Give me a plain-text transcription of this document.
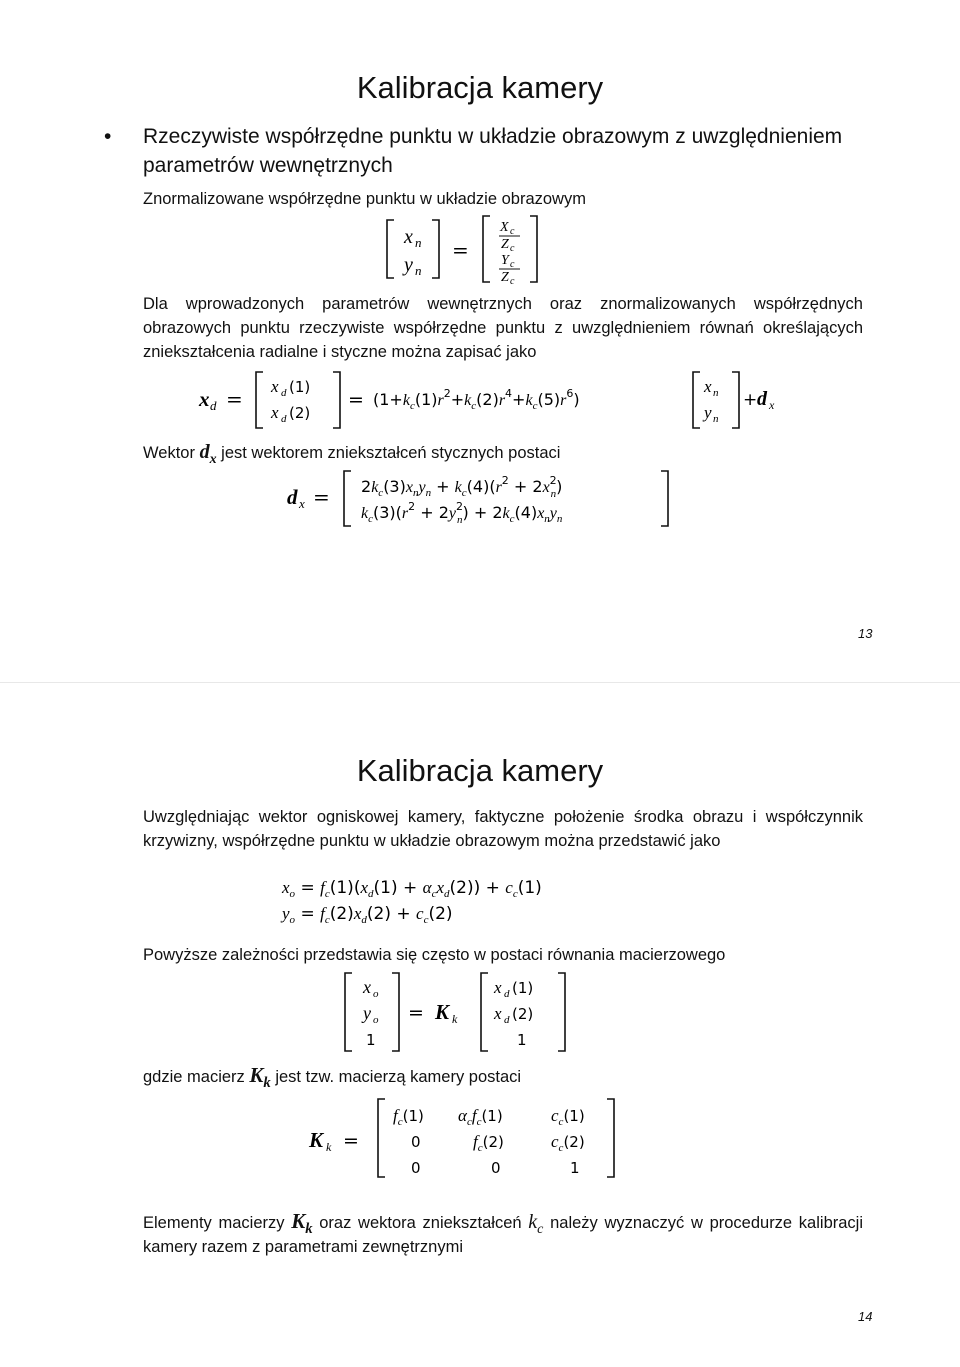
Kalibracja kamery
• Rzeczywiste współrzędne punktu w układzie obrazowym z uwzględnieniem parametrów wewnętrznych
Znormalizowane współrzędne punktu w układzie obrazowym
x n
y n
=
X c
Z c
Y c
Z c
Dla wprowadzonych parametrów wewnętrznych oraz znormalizowanych współrzędnych obrazowych punktu rzeczywiste współrzędne punktu z uwzględnieniem równań określających zniekształcenia radialne i styczne można zapisać jako
x d =
x d (1)
x d (2)
= $(1+k_c(1)r^2+k_c(2)r^4+k_c(5)r^6)$
x n
y n
+ d x
Wektor $d_x$ jest wektorem zniekształceń stycznych postaci
d $x = 2k_c(3)x_ny_n + k_c(4)(r^2 + 2x^2$ n)
$k_c(3)(r^2 + 2y^2$ $n) + 2k_c(4)x_ny_n$
13
Kalibracja kamery
Uwzględniając wektor ogniskowej kamery, faktyczne położenie środka obrazu i współczynnik krzywizny, współrzędne punktu w układzie obrazowym można przedstawić jako
$x_o = f_c(1)(x_d(1) + \alpha_cx_d(2)) + c_c(1)$
$y_o = f_c(2)x_d(2) + c_c(2)$
Powyższe zależności przedstawia się często w postaci równania macierzowego
x o
y o
1
= K k
x d (1)
x d (2)
1
gdzie macierz $K_k$ jest tzw. macierzą kamery postaci
K k =
$f_c(1)$ $\alpha_cf_c(1)$	$c_c(1)$
0	$f_c(2)$	$c_c(2)$
0	0	1
Elementy macierzy $K_k$ oraz wektora zniekształceń $k_c$ należy wyznaczyć w procedurze kalibracji kamery razem z parametrami zewnętrznymi
14
